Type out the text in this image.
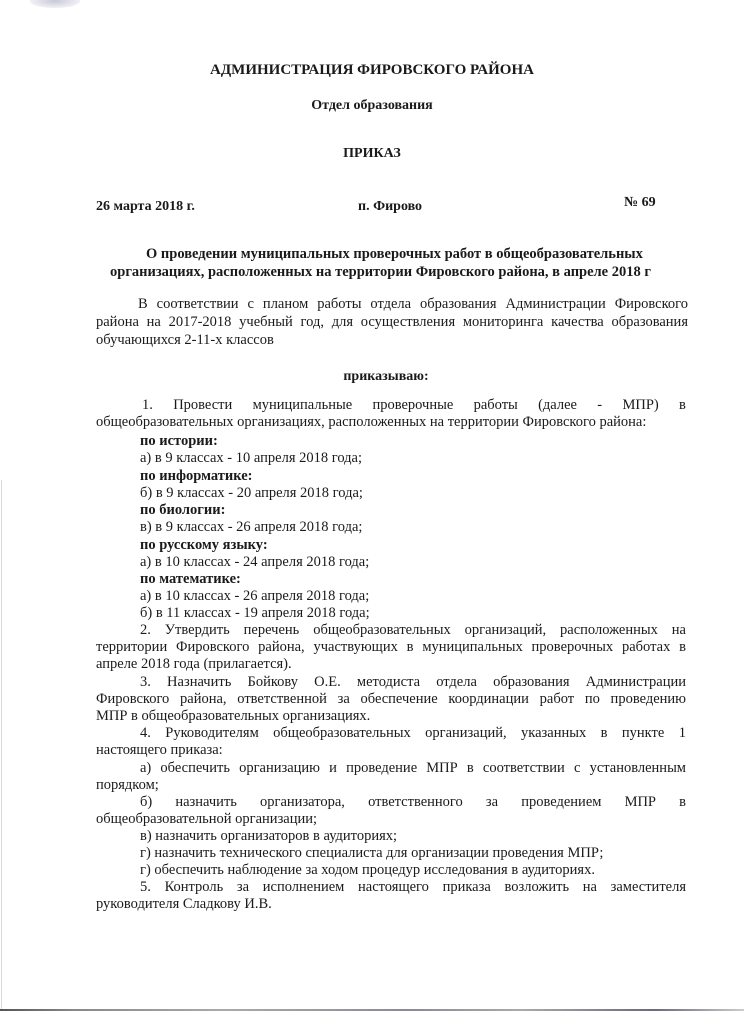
АДМИНИСТРАЦИЯ ФИРОВСКОГО РАЙОНА
Отдел образования
ПРИКАЗ
26 марта 2018 г.	п. Фирово	№ 69
О проведении муниципальных проверочных работ в общеобразовательных
организациях, расположенных на территории Фировского района, в апреле 2018 г
В соответствии с планом работы отдела образования Администрации Фировского
района на 2017-2018 учебный год, для осуществления мониторинга качества образования
обучающихся 2-11-х классов
приказываю:
1. Провести муниципальные проверочные работы (далее - МПР) в
общеобразовательных организациях, расположенных на территории Фировского района:
по истории:
а) в 9 классах - 10 апреля 2018 года;
по информатике:
б) в 9 классах - 20 апреля 2018 года;
по биологии:
в) в 9 классах - 26 апреля 2018 года;
по русскому языку:
а) в 10 классах - 24 апреля 2018 года;
по математике:
а) в 10 классах - 26 апреля 2018 года;
б) в 11 классах - 19 апреля 2018 года;
2. Утвердить перечень общеобразовательных организаций, расположенных на
территории Фировского района, участвующих в муниципальных проверочных работах в
апреле 2018 года (прилагается).
3. Назначить Бойкову О.Е. методиста отдела образования Администрации
Фировского района, ответственной за обеспечение координации работ по проведению
МПР в общеобразовательных организациях.
4. Руководителям общеобразовательных организаций, указанных в пункте 1
настоящего приказа:
а) обеспечить организацию и проведение МПР в соответствии с установленным
порядком;
б) назначить организатора, ответственного за проведением МПР в
общеобразовательной организации;
в) назначить организаторов в аудиториях;
г) назначить технического специалиста для организации проведения МПР;
г) обеспечить наблюдение за ходом процедур исследования в аудиториях.
5. Контроль за исполнением настоящего приказа возложить на заместителя
руководителя Сладкову И.В.
